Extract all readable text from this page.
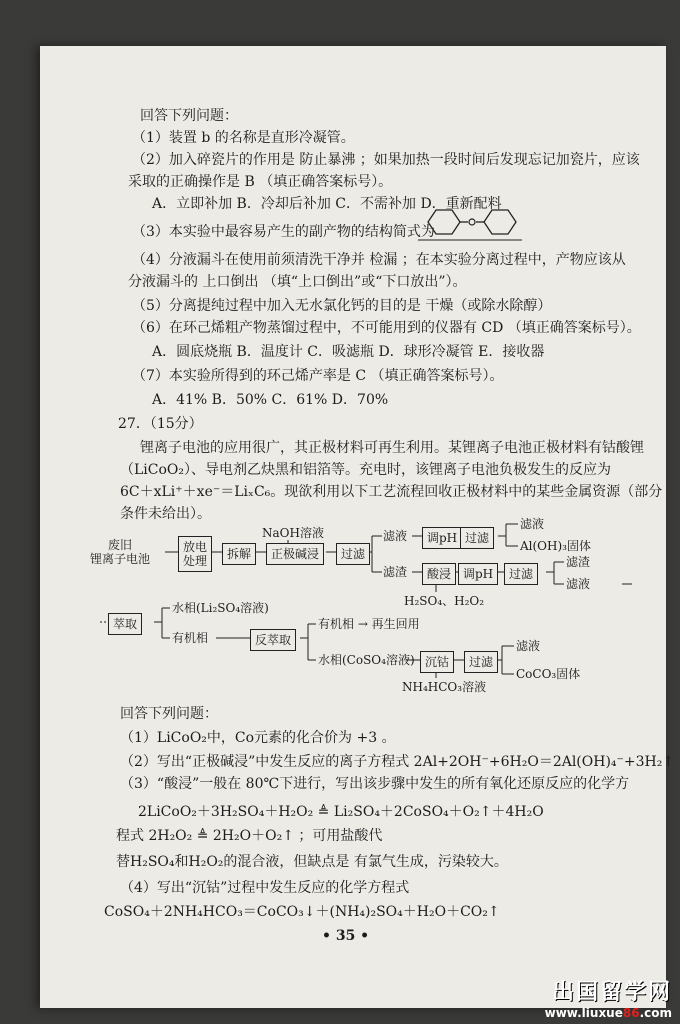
回答下列问题：
（1）装置 b 的名称是直形冷凝管。
（2）加入碎瓷片的作用是 防止暴沸 ；如果加热一段时间后发现忘记加瓷片，应该
采取的正确操作是 B （填正确答案标号）。
A．立即补加 B．冷却后补加 C．不需补加 D．重新配料
（3）本实验中最容易产生的副产物的结构简式为
（4）分液漏斗在使用前须清洗干净并 检漏 ；在本实验分离过程中，产物应该从
分液漏斗的 上口倒出 （填“上口倒出”或“下口放出”）。
（5）分离提纯过程中加入无水氯化钙的目的是 干燥（或除水除醇）
（6）在环己烯粗产物蒸馏过程中，不可能用到的仪器有 CD （填正确答案标号）。
A．圆底烧瓶 B．温度计 C．吸滤瓶 D．球形冷凝管 E．接收器
（7）本实验所得到的环己烯产率是 C （填正确答案标号）。
A．41% B．50% C．61% D．70%
27．（15分）
锂离子电池的应用很广，其正极材料可再生利用。某锂离子电池正极材料有钴酸锂
（LiCoO₂）、导电剂乙炔黑和铝箔等。充电时，该锂离子电池负极发生的反应为
6C＋xLi⁺＋xe⁻＝LiₓC₆。现欲利用以下工艺流程回收正极材料中的某些金属资源（部分
条件未给出）。
废旧
锂离子电池
放电
处理	拆解
NaOH溶液
正极碱浸	过滤
滤液	调pH 过滤
滤液
Al(OH)₃固体
滤渣	酸浸
H₂SO₄、H₂O₂
调pH	过滤
滤渣
滤液
萃取
水相(Li₂SO₄溶液)
有机相	反萃取
有机相 → 再生回用
水相(CoSO₄溶液) 沉钴
NH₄HCO₃溶液
过滤
滤液
CoCO₃固体
回答下列问题：
（1）LiCoO₂中，Co元素的化合价为 +3 。
（2）写出“正极碱浸”中发生反应的离子方程式 2Al+2OH⁻+6H₂O＝2Al(OH)₄⁻+3H₂↑
（3）“酸浸”一般在 80℃下进行，写出该步骤中发生的所有氧化还原反应的化学方
2LiCoO₂＋3H₂SO₄＋H₂O₂ ≜ Li₂SO₄＋2CoSO₄＋O₂↑＋4H₂O
程式 2H₂O₂ ≜ 2H₂O＋O₂↑ ；可用盐酸代
替H₂SO₄和H₂O₂的混合液，但缺点是 有氯气生成，污染较大。
（4）写出“沉钴”过程中发生反应的化学方程式
CoSO₄＋2NH₄HCO₃＝CoCO₃↓＋(NH₄)₂SO₄＋H₂O＋CO₂↑
• 35 •
出国留学网
www.liuxue86.com
